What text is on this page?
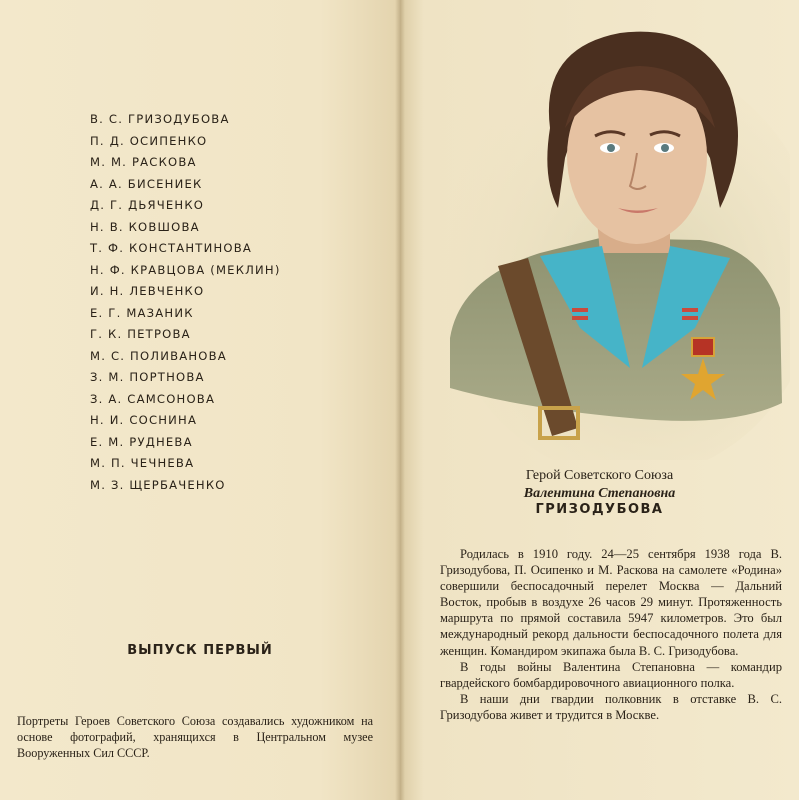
В. С. ГРИЗОДУБОВА
П. Д. ОСИПЕНКО
М. М. РАСКОВА
А. А. БИСЕНИЕК
Д. Г. ДЬЯЧЕНКО
Н. В. КОВШОВА
Т. Ф. КОНСТАНТИНОВА
Н. Ф. КРАВЦОВА (МЕКЛИН)
И. Н. ЛЕВЧЕНКО
Е. Г. МАЗАНИК
Г. К. ПЕТРОВА
М. С. ПОЛИВАНОВА
З. М. ПОРТНОВА
З. А. САМСОНОВА
Н. И. СОСНИНА
Е. М. РУДНЕВА
М. П. ЧЕЧНЕВА
М. З. ЩЕРБАЧЕНКО
ВЫПУСК ПЕРВЫЙ
Портреты Героев Советского Союза создавались художником на основе фотографий, хранящихся в Центральном музее Вооруженных Сил СССР.
Герой Советского Союза
Валентина Степановна
ГРИЗОДУБОВА

Родилась в 1910 году. 24—25 сентября 1938 года В. Гризодубова, П. Осипенко и М. Раскова на самолете «Родина» совершили беспосадочный перелет Москва — Дальний Восток, пробыв в воздухе 26 часов 29 минут. Протяженность маршрута по прямой составила 5947 километров. Это был международный рекорд дальности беспосадочного полета для женщин. Командиром экипажа была В. С. Гризодубова.

В годы войны Валентина Степановна — командир гвардейского бомбардировочного авиационного полка.

В наши дни гвардии полковник в отставке В. С. Гризодубова живет и трудится в Москве.
